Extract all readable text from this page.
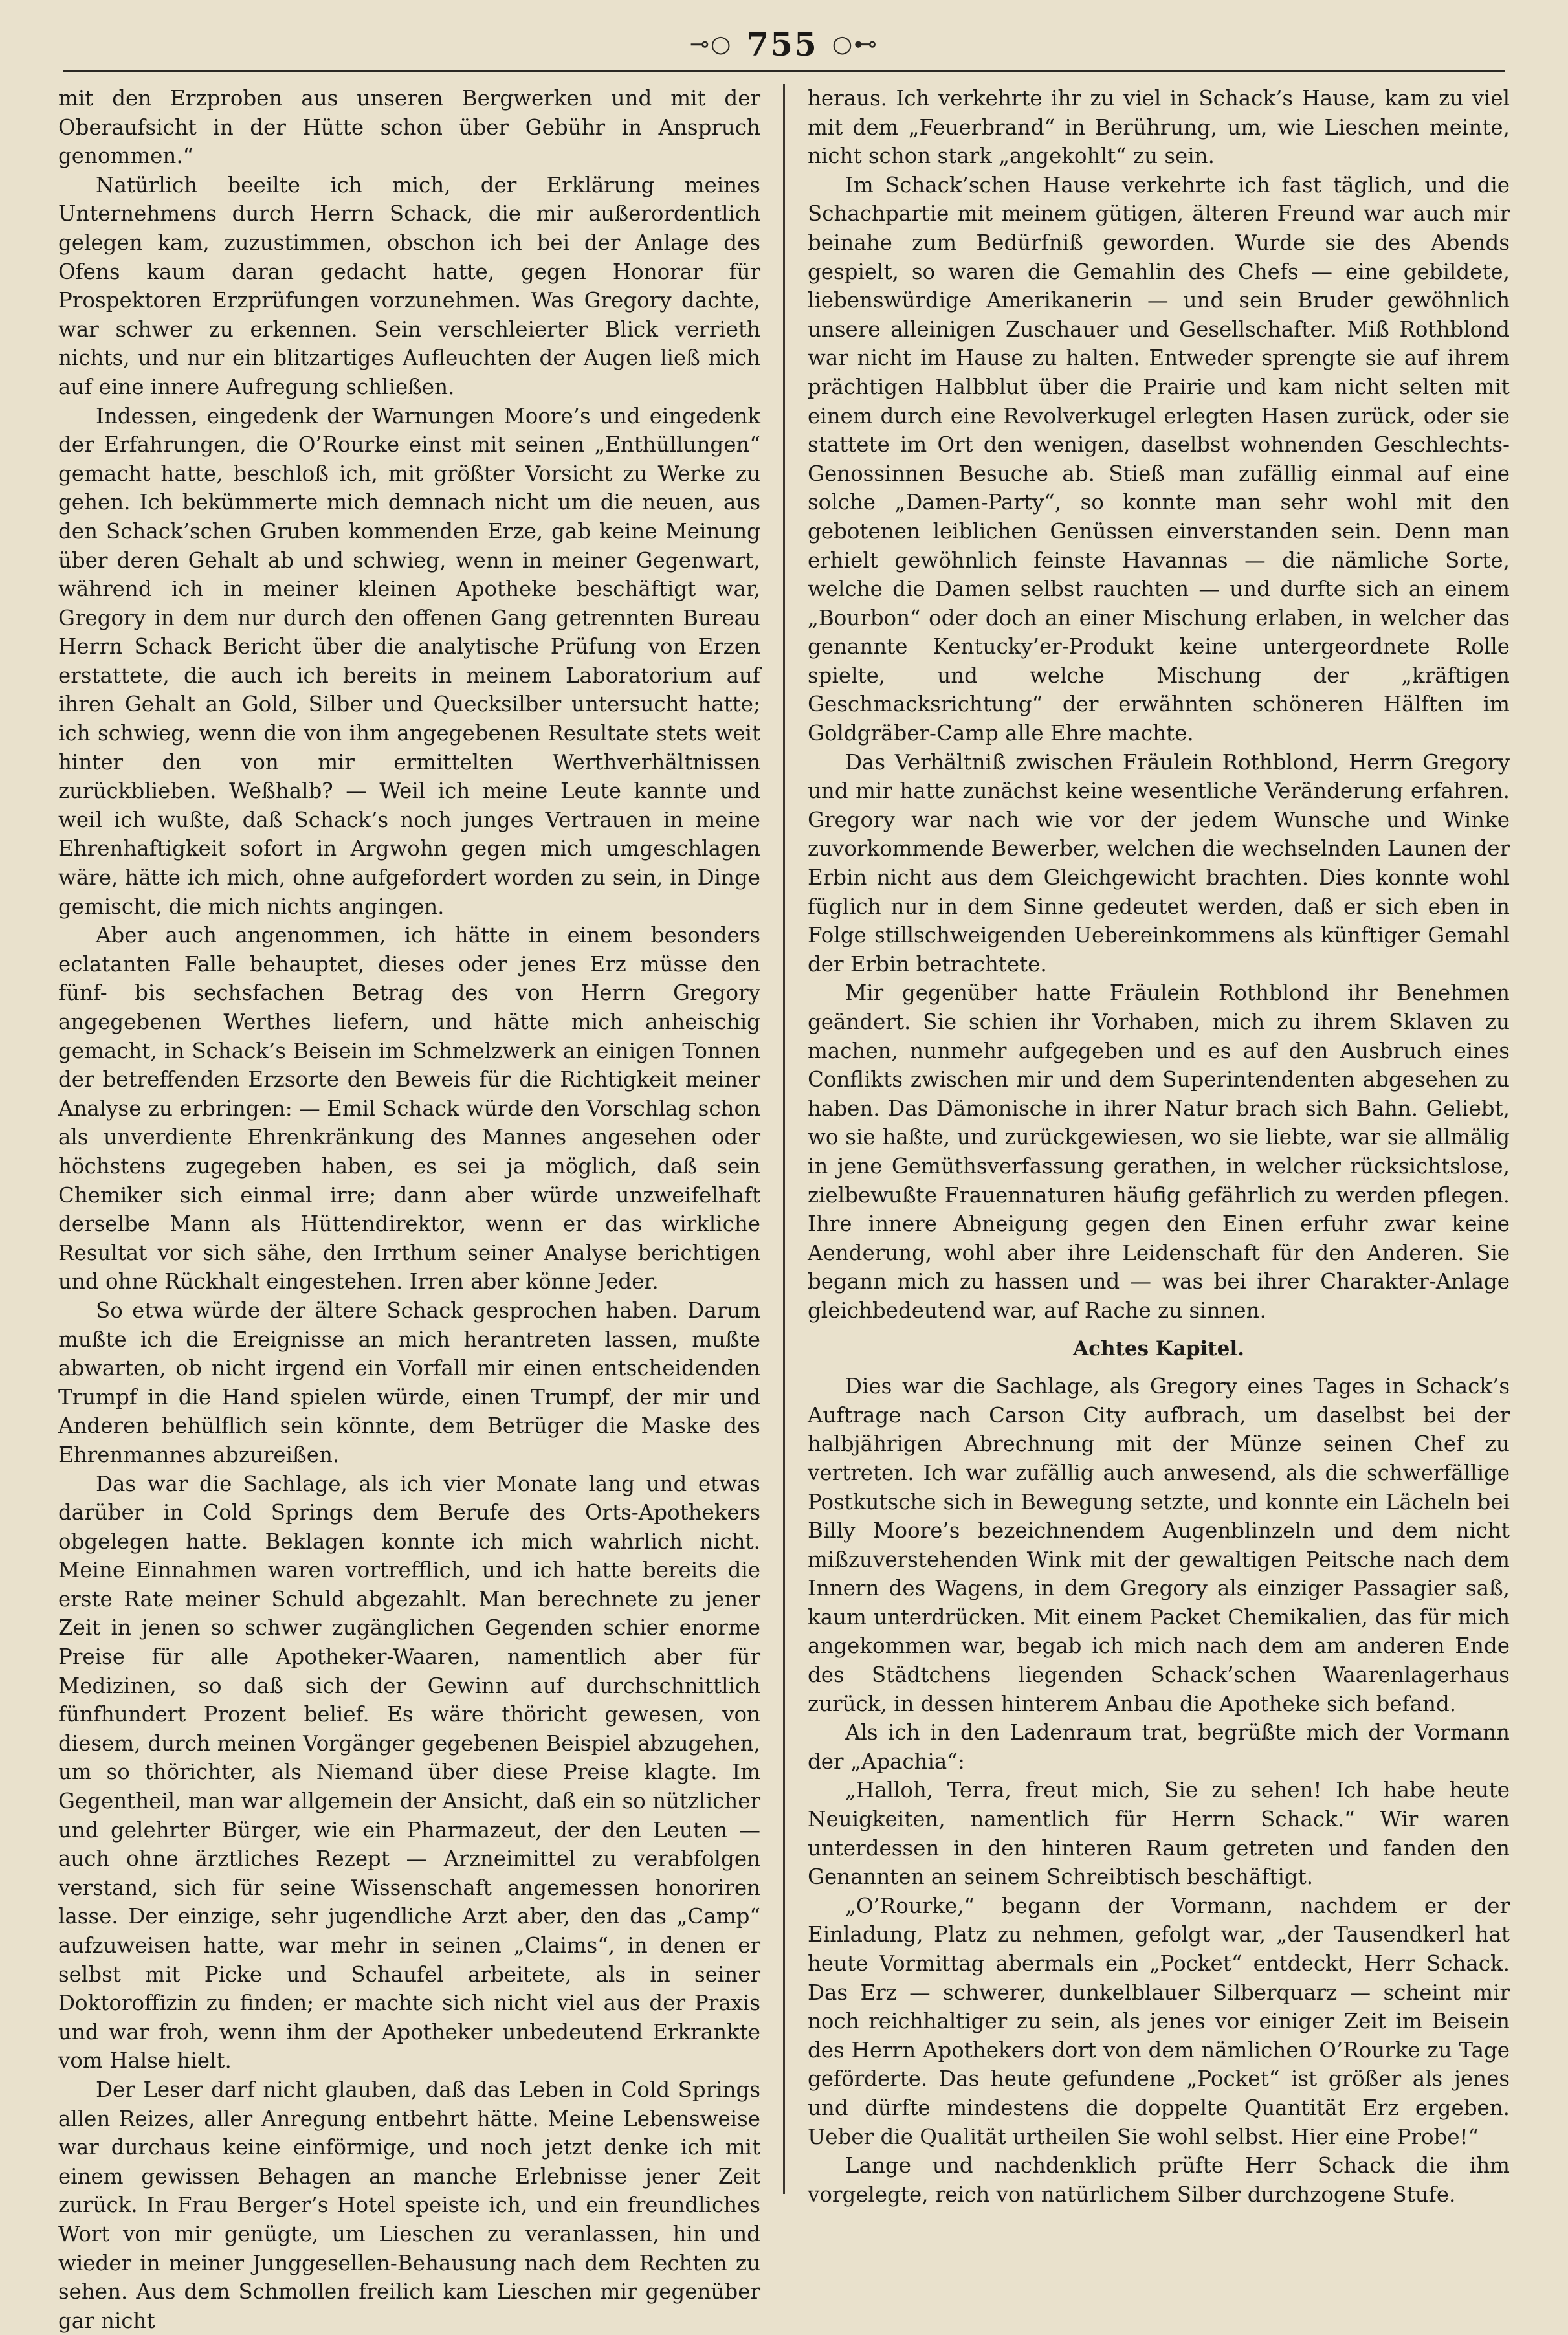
⊸○ 755 ○⊷

mit den Erzproben aus unseren Bergwerken und mit der Oberaufsicht in der Hütte schon über Gebühr in Anspruch genommen.“

Natürlich beeilte ich mich, der Erklärung meines Unternehmens durch Herrn Schack, die mir außerordentlich gelegen kam, zuzustimmen, obschon ich bei der Anlage des Ofens kaum daran gedacht hatte, gegen Honorar für Prospektoren Erzprüfungen vorzunehmen. Was Gregory dachte, war schwer zu erkennen. Sein verschleierter Blick verrieth nichts, und nur ein blitzartiges Aufleuchten der Augen ließ mich auf eine innere Aufregung schließen.

Indessen, eingedenk der Warnungen Moore’s und eingedenk der Erfahrungen, die O’Rourke einst mit seinen „Enthüllungen“ gemacht hatte, beschloß ich, mit größter Vorsicht zu Werke zu gehen. Ich bekümmerte mich demnach nicht um die neuen, aus den Schack’schen Gruben kommenden Erze, gab keine Meinung über deren Gehalt ab und schwieg, wenn in meiner Gegenwart, während ich in meiner kleinen Apotheke beschäftigt war, Gregory in dem nur durch den offenen Gang getrennten Bureau Herrn Schack Bericht über die analytische Prüfung von Erzen erstattete, die auch ich bereits in meinem Laboratorium auf ihren Gehalt an Gold, Silber und Quecksilber untersucht hatte; ich schwieg, wenn die von ihm angegebenen Resultate stets weit hinter den von mir ermittelten Werthverhältnissen zurückblieben. Weßhalb? — Weil ich meine Leute kannte und weil ich wußte, daß Schack’s noch junges Vertrauen in meine Ehrenhaftigkeit sofort in Argwohn gegen mich umgeschlagen wäre, hätte ich mich, ohne aufgefordert worden zu sein, in Dinge gemischt, die mich nichts angingen.

Aber auch angenommen, ich hätte in einem besonders eclatanten Falle behauptet, dieses oder jenes Erz müsse den fünf- bis sechsfachen Betrag des von Herrn Gregory angegebenen Werthes liefern, und hätte mich anheischig gemacht, in Schack’s Beisein im Schmelzwerk an einigen Tonnen der betreffenden Erzsorte den Beweis für die Richtigkeit meiner Analyse zu erbringen: — Emil Schack würde den Vorschlag schon als unverdiente Ehrenkränkung des Mannes angesehen oder höchstens zugegeben haben, es sei ja möglich, daß sein Chemiker sich einmal irre; dann aber würde unzweifelhaft derselbe Mann als Hüttendirektor, wenn er das wirkliche Resultat vor sich sähe, den Irrthum seiner Analyse berichtigen und ohne Rückhalt eingestehen. Irren aber könne Jeder.

So etwa würde der ältere Schack gesprochen haben. Darum mußte ich die Ereignisse an mich herantreten lassen, mußte abwarten, ob nicht irgend ein Vorfall mir einen entscheidenden Trumpf in die Hand spielen würde, einen Trumpf, der mir und Anderen behülflich sein könnte, dem Betrüger die Maske des Ehrenmannes abzureißen.

Das war die Sachlage, als ich vier Monate lang und etwas darüber in Cold Springs dem Berufe des Orts-Apothekers obgelegen hatte. Beklagen konnte ich mich wahrlich nicht. Meine Einnahmen waren vortrefflich, und ich hatte bereits die erste Rate meiner Schuld abgezahlt. Man berechnete zu jener Zeit in jenen so schwer zugänglichen Gegenden schier enorme Preise für alle Apotheker-Waaren, namentlich aber für Medizinen, so daß sich der Gewinn auf durchschnittlich fünfhundert Prozent belief. Es wäre thöricht gewesen, von diesem, durch meinen Vorgänger gegebenen Beispiel abzugehen, um so thörichter, als Niemand über diese Preise klagte. Im Gegentheil, man war allgemein der Ansicht, daß ein so nützlicher und gelehrter Bürger, wie ein Pharmazeut, der den Leuten — auch ohne ärztliches Rezept — Arzneimittel zu verabfolgen verstand, sich für seine Wissenschaft angemessen honoriren lasse. Der einzige, sehr jugendliche Arzt aber, den das „Camp“ aufzuweisen hatte, war mehr in seinen „Claims“, in denen er selbst mit Picke und Schaufel arbeitete, als in seiner Doktoroffizin zu finden; er machte sich nicht viel aus der Praxis und war froh, wenn ihm der Apotheker unbedeutend Erkrankte vom Halse hielt.

Der Leser darf nicht glauben, daß das Leben in Cold Springs allen Reizes, aller Anregung entbehrt hätte. Meine Lebensweise war durchaus keine einförmige, und noch jetzt denke ich mit einem gewissen Behagen an manche Erlebnisse jener Zeit zurück. In Frau Berger’s Hotel speiste ich, und ein freundliches Wort von mir genügte, um Lieschen zu veranlassen, hin und wieder in meiner Junggesellen-Behausung nach dem Rechten zu sehen. Aus dem Schmollen freilich kam Lieschen mir gegenüber gar nicht

heraus. Ich verkehrte ihr zu viel in Schack’s Hause, kam zu viel mit dem „Feuerbrand“ in Berührung, um, wie Lieschen meinte, nicht schon stark „angekohlt“ zu sein.

Im Schack’schen Hause verkehrte ich fast täglich, und die Schachpartie mit meinem gütigen, älteren Freund war auch mir beinahe zum Bedürfniß geworden. Wurde sie des Abends gespielt, so waren die Gemahlin des Chefs — eine gebildete, liebenswürdige Amerikanerin — und sein Bruder gewöhnlich unsere alleinigen Zuschauer und Gesellschafter. Miß Rothblond war nicht im Hause zu halten. Entweder sprengte sie auf ihrem prächtigen Halbblut über die Prairie und kam nicht selten mit einem durch eine Revolverkugel erlegten Hasen zurück, oder sie stattete im Ort den wenigen, daselbst wohnenden Geschlechts-Genossinnen Besuche ab. Stieß man zufällig einmal auf eine solche „Damen-Party“, so konnte man sehr wohl mit den gebotenen leiblichen Genüssen einverstanden sein. Denn man erhielt gewöhnlich feinste Havannas — die nämliche Sorte, welche die Damen selbst rauchten — und durfte sich an einem „Bourbon“ oder doch an einer Mischung erlaben, in welcher das genannte Kentucky’er-Produkt keine untergeordnete Rolle spielte, und welche Mischung der „kräftigen Geschmacksrichtung“ der erwähnten schöneren Hälften im Goldgräber-Camp alle Ehre machte.

Das Verhältniß zwischen Fräulein Rothblond, Herrn Gregory und mir hatte zunächst keine wesentliche Veränderung erfahren. Gregory war nach wie vor der jedem Wunsche und Winke zuvorkommende Bewerber, welchen die wechselnden Launen der Erbin nicht aus dem Gleichgewicht brachten. Dies konnte wohl füglich nur in dem Sinne gedeutet werden, daß er sich eben in Folge stillschweigenden Uebereinkommens als künftiger Gemahl der Erbin betrachtete.

Mir gegenüber hatte Fräulein Rothblond ihr Benehmen geändert. Sie schien ihr Vorhaben, mich zu ihrem Sklaven zu machen, nunmehr aufgegeben und es auf den Ausbruch eines Conflikts zwischen mir und dem Superintendenten abgesehen zu haben. Das Dämonische in ihrer Natur brach sich Bahn. Geliebt, wo sie haßte, und zurückgewiesen, wo sie liebte, war sie allmälig in jene Gemüthsverfassung gerathen, in welcher rücksichtslose, zielbewußte Frauennaturen häufig gefährlich zu werden pflegen. Ihre innere Abneigung gegen den Einen erfuhr zwar keine Aenderung, wohl aber ihre Leidenschaft für den Anderen. Sie begann mich zu hassen und — was bei ihrer Charakter-Anlage gleichbedeutend war, auf Rache zu sinnen.

Achtes Kapitel.

Dies war die Sachlage, als Gregory eines Tages in Schack’s Auftrage nach Carson City aufbrach, um daselbst bei der halbjährigen Abrechnung mit der Münze seinen Chef zu vertreten. Ich war zufällig auch anwesend, als die schwerfällige Postkutsche sich in Bewegung setzte, und konnte ein Lächeln bei Billy Moore’s bezeichnendem Augenblinzeln und dem nicht mißzuverstehenden Wink mit der gewaltigen Peitsche nach dem Innern des Wagens, in dem Gregory als einziger Passagier saß, kaum unterdrücken. Mit einem Packet Chemikalien, das für mich angekommen war, begab ich mich nach dem am anderen Ende des Städtchens liegenden Schack’schen Waarenlagerhaus zurück, in dessen hinterem Anbau die Apotheke sich befand.

Als ich in den Ladenraum trat, begrüßte mich der Vormann der „Apachia“:

„Halloh, Terra, freut mich, Sie zu sehen! Ich habe heute Neuigkeiten, namentlich für Herrn Schack.“ Wir waren unterdessen in den hinteren Raum getreten und fanden den Genannten an seinem Schreibtisch beschäftigt.

„O’Rourke,“ begann der Vormann, nachdem er der Einladung, Platz zu nehmen, gefolgt war, „der Tausendkerl hat heute Vormittag abermals ein „Pocket“ entdeckt, Herr Schack. Das Erz — schwerer, dunkelblauer Silberquarz — scheint mir noch reichhaltiger zu sein, als jenes vor einiger Zeit im Beisein des Herrn Apothekers dort von dem nämlichen O’Rourke zu Tage geförderte. Das heute gefundene „Pocket“ ist größer als jenes und dürfte mindestens die doppelte Quantität Erz ergeben. Ueber die Qualität urtheilen Sie wohl selbst. Hier eine Probe!“

Lange und nachdenklich prüfte Herr Schack die ihm vorgelegte, reich von natürlichem Silber durchzogene Stufe.
